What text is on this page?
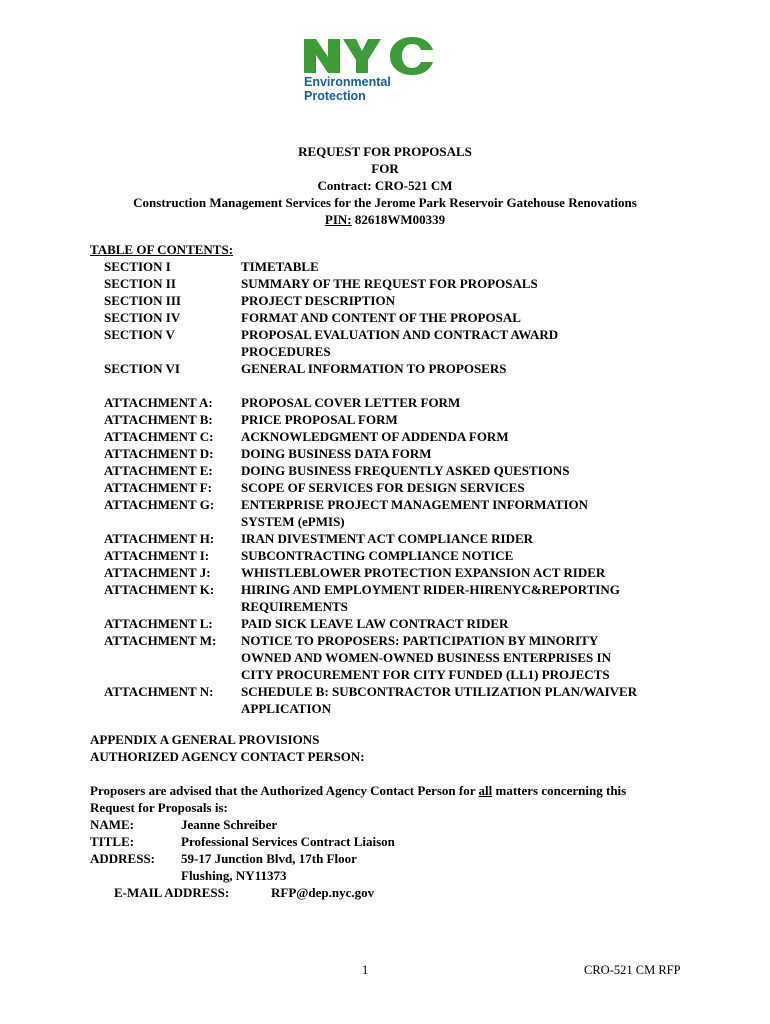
Environmental
Protection
REQUEST FOR PROPOSALS
FOR
Contract: CRO-521 CM
Construction Management Services for the Jerome Park Reservoir Gatehouse Renovations
PIN: 82618WM00339
TABLE OF CONTENTS:
SECTION I	TIMETABLE
SECTION II	SUMMARY OF THE REQUEST FOR PROPOSALS
SECTION III	PROJECT DESCRIPTION
SECTION IV	FORMAT AND CONTENT OF THE PROPOSAL
SECTION V	PROPOSAL EVALUATION AND CONTRACT AWARD PROCEDURES
SECTION VI	GENERAL INFORMATION TO PROPOSERS
ATTACHMENT A: PROPOSAL COVER LETTER FORM
ATTACHMENT B: PRICE PROPOSAL FORM
ATTACHMENT C: ACKNOWLEDGMENT OF ADDENDA FORM
ATTACHMENT D: DOING BUSINESS DATA FORM
ATTACHMENT E: DOING BUSINESS FREQUENTLY ASKED QUESTIONS
ATTACHMENT F: SCOPE OF SERVICES FOR DESIGN SERVICES
ATTACHMENT G: ENTERPRISE PROJECT MANAGEMENT INFORMATION SYSTEM (ePMIS)
ATTACHMENT H: IRAN DIVESTMENT ACT COMPLIANCE RIDER
ATTACHMENT I: SUBCONTRACTING COMPLIANCE NOTICE
ATTACHMENT J: WHISTLEBLOWER PROTECTION EXPANSION ACT RIDER
ATTACHMENT K: HIRING AND EMPLOYMENT RIDER-HIRENYC&REPORTING REQUIREMENTS
ATTACHMENT L: PAID SICK LEAVE LAW CONTRACT RIDER
ATTACHMENT M: NOTICE TO PROPOSERS: PARTICIPATION BY MINORITY OWNED AND WOMEN-OWNED BUSINESS ENTERPRISES IN CITY PROCUREMENT FOR CITY FUNDED (LL1) PROJECTS
ATTACHMENT N: SCHEDULE B: SUBCONTRACTOR UTILIZATION PLAN/WAIVER APPLICATION
APPENDIX A GENERAL PROVISIONS
AUTHORIZED AGENCY CONTACT PERSON:
Proposers are advised that the Authorized Agency Contact Person for all matters concerning this
Request for Proposals is:
NAME:	Jeanne Schreiber
TITLE:	Professional Services Contract Liaison
ADDRESS: 59-17 Junction Blvd, 17th Floor
Flushing, NY11373
E-MAIL ADDRESS:	RFP@dep.nyc.gov
1	CRO-521 CM RFP
